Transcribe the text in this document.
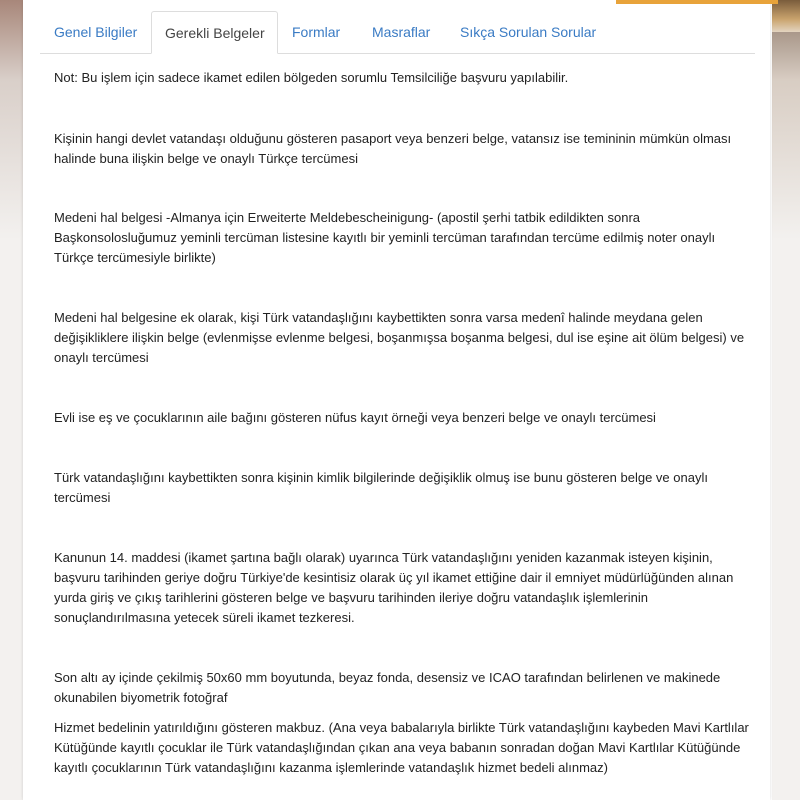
Genel Bilgiler	Gerekli Belgeler	Formlar	Masraflar	Sıkça Sorulan Sorular
Not: Bu işlem için sadece ikamet edilen bölgeden sorumlu Temsilciliğe başvuru yapılabilir.
Kişinin hangi devlet vatandaşı olduğunu gösteren pasaport veya benzeri belge, vatansız ise temininin mümkün olması halinde buna ilişkin belge ve onaylı Türkçe tercümesi
Medeni hal belgesi -Almanya için Erweiterte Meldebescheinigung- (apostil şerhi tatbik edildikten sonra Başkonsolosluğumuz yeminli tercüman listesine kayıtlı bir yeminli tercüman tarafından tercüme edilmiş noter onaylı Türkçe tercümesiyle birlikte)
Medeni hal belgesine ek olarak, kişi Türk vatandaşlığını kaybettikten sonra varsa medenî halinde meydana gelen değişikliklere ilişkin belge (evlenmişse evlenme belgesi, boşanmışsa boşanma belgesi, dul ise eşine ait ölüm belgesi) ve onaylı tercümesi
Evli ise eş ve çocuklarının aile bağını gösteren nüfus kayıt örneği veya benzeri belge ve onaylı tercümesi
Türk vatandaşlığını kaybettikten sonra kişinin kimlik bilgilerinde değişiklik olmuş ise bunu gösteren belge ve onaylı tercümesi
Kanunun 14. maddesi (ikamet şartına bağlı olarak) uyarınca Türk vatandaşlığını yeniden kazanmak isteyen kişinin, başvuru tarihinden geriye doğru Türkiye'de kesintisiz olarak üç yıl ikamet ettiğine dair il emniyet müdürlüğünden alınan yurda giriş ve çıkış tarihlerini gösteren belge ve başvuru tarihinden ileriye doğru vatandaşlık işlemlerinin sonuçlandırılmasına yetecek süreli ikamet tezkeresi.
Son altı ay içinde çekilmiş 50x60 mm boyutunda, beyaz fonda, desensiz ve ICAO tarafından belirlenen ve makinede okunabilen biyometrik fotoğraf
Hizmet bedelinin yatırıldığını gösteren makbuz. (Ana veya babalarıyla birlikte Türk vatandaşlığını kaybeden Mavi Kartlılar Kütüğünde kayıtlı çocuklar ile Türk vatandaşlığından çıkan ana veya babanın sonradan doğan Mavi Kartlılar Kütüğünde kayıtlı çocuklarının Türk vatandaşlığını kazanma işlemlerinde vatandaşlık hizmet bedeli alınmaz)
